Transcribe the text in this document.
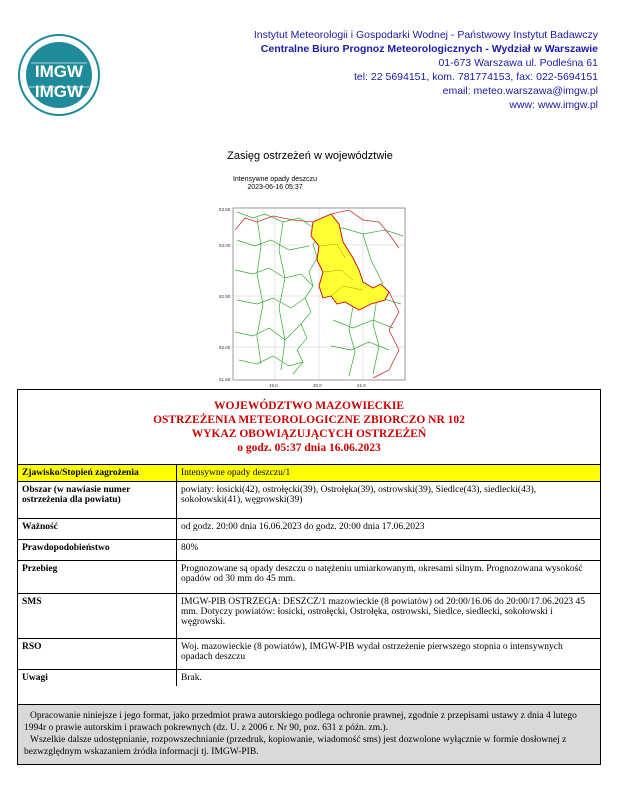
IMGW
IMGW
Instytut Meteorologii i Gospodarki Wodnej - Państwowy Instytut Badawczy
Centralne Biuro Prognoz Meteorologicznych - Wydział w Warszawie
01-673 Warszawa ul. Podleśna 61
tel: 22 5694151, kom. 781774153, fax: 022-5694151
email: meteo.warszawa@imgw.pl
www: www.imgw.pl
Zasięg ostrzeżeń w województwie
Intensywne opady deszczu
2023-06-16 05:37
53.50
53.00
52.50
52.00
51.50
19.0	20.0	21.0
WOJEWÓDZTWO MAZOWIECKIE
OSTRZEŻENIA METEOROLOGICZNE ZBIORCZO NR 102
WYKAZ OBOWIĄZUJĄCYCH OSTRZEŻEŃ
o godz. 05:37 dnia 16.06.2023
Zjawisko/Stopień zagrożenia	Intensywne opady deszczu/1
Obszar (w nawiasie numer ostrzeżenia dla powiatu)	powiaty: łosicki(42), ostrołęcki(39), Ostrołęka(39), ostrowski(39), Siedlce(43), siedlecki(43), sokołowski(41), węgrowski(39)
Ważność	od godz. 20:00 dnia 16.06.2023 do godz. 20:00 dnia 17.06.2023
Prawdopodobieństwo	80%
Przebieg	Prognozowane są opady deszczu o natężeniu umiarkowanym, okresami silnym. Prognozowana wysokość opadów od 30 mm do 45 mm.
SMS	IMGW-PIB OSTRZEGA: DESZCZ/1 mazowieckie (8 powiatów) od 20:00/16.06 do 20:00/17.06.2023 45 mm. Dotyczy powiatów: łosicki, ostrołęcki, Ostrołęka, ostrowski, Siedlce, siedlecki, sokołowski i węgrowski.
RSO	Woj. mazowieckie (8 powiatów), IMGW-PIB wydał ostrzeżenie pierwszego stopnia o intensywnych opadach deszczu
Uwagi	Brak.
Opracowanie niniejsze i jego format, jako przedmiot prawa autorskiego podlega ochronie prawnej, zgodnie z przepisami ustawy z dnia 4 lutego 1994r o prawie autorskim i prawach pokrewnych (dz. U. z 2006 r. Nr 90, poz. 631 z późn. zm.).
Wszelkie dalsze udostępnianie, rozpowszechnianie (przedruk, kopiowanie, wiadomość sms) jest dozwolone wyłącznie w formie dosłownej z bezwzględnym wskazaniem źródła informacji tj. IMGW-PIB.
